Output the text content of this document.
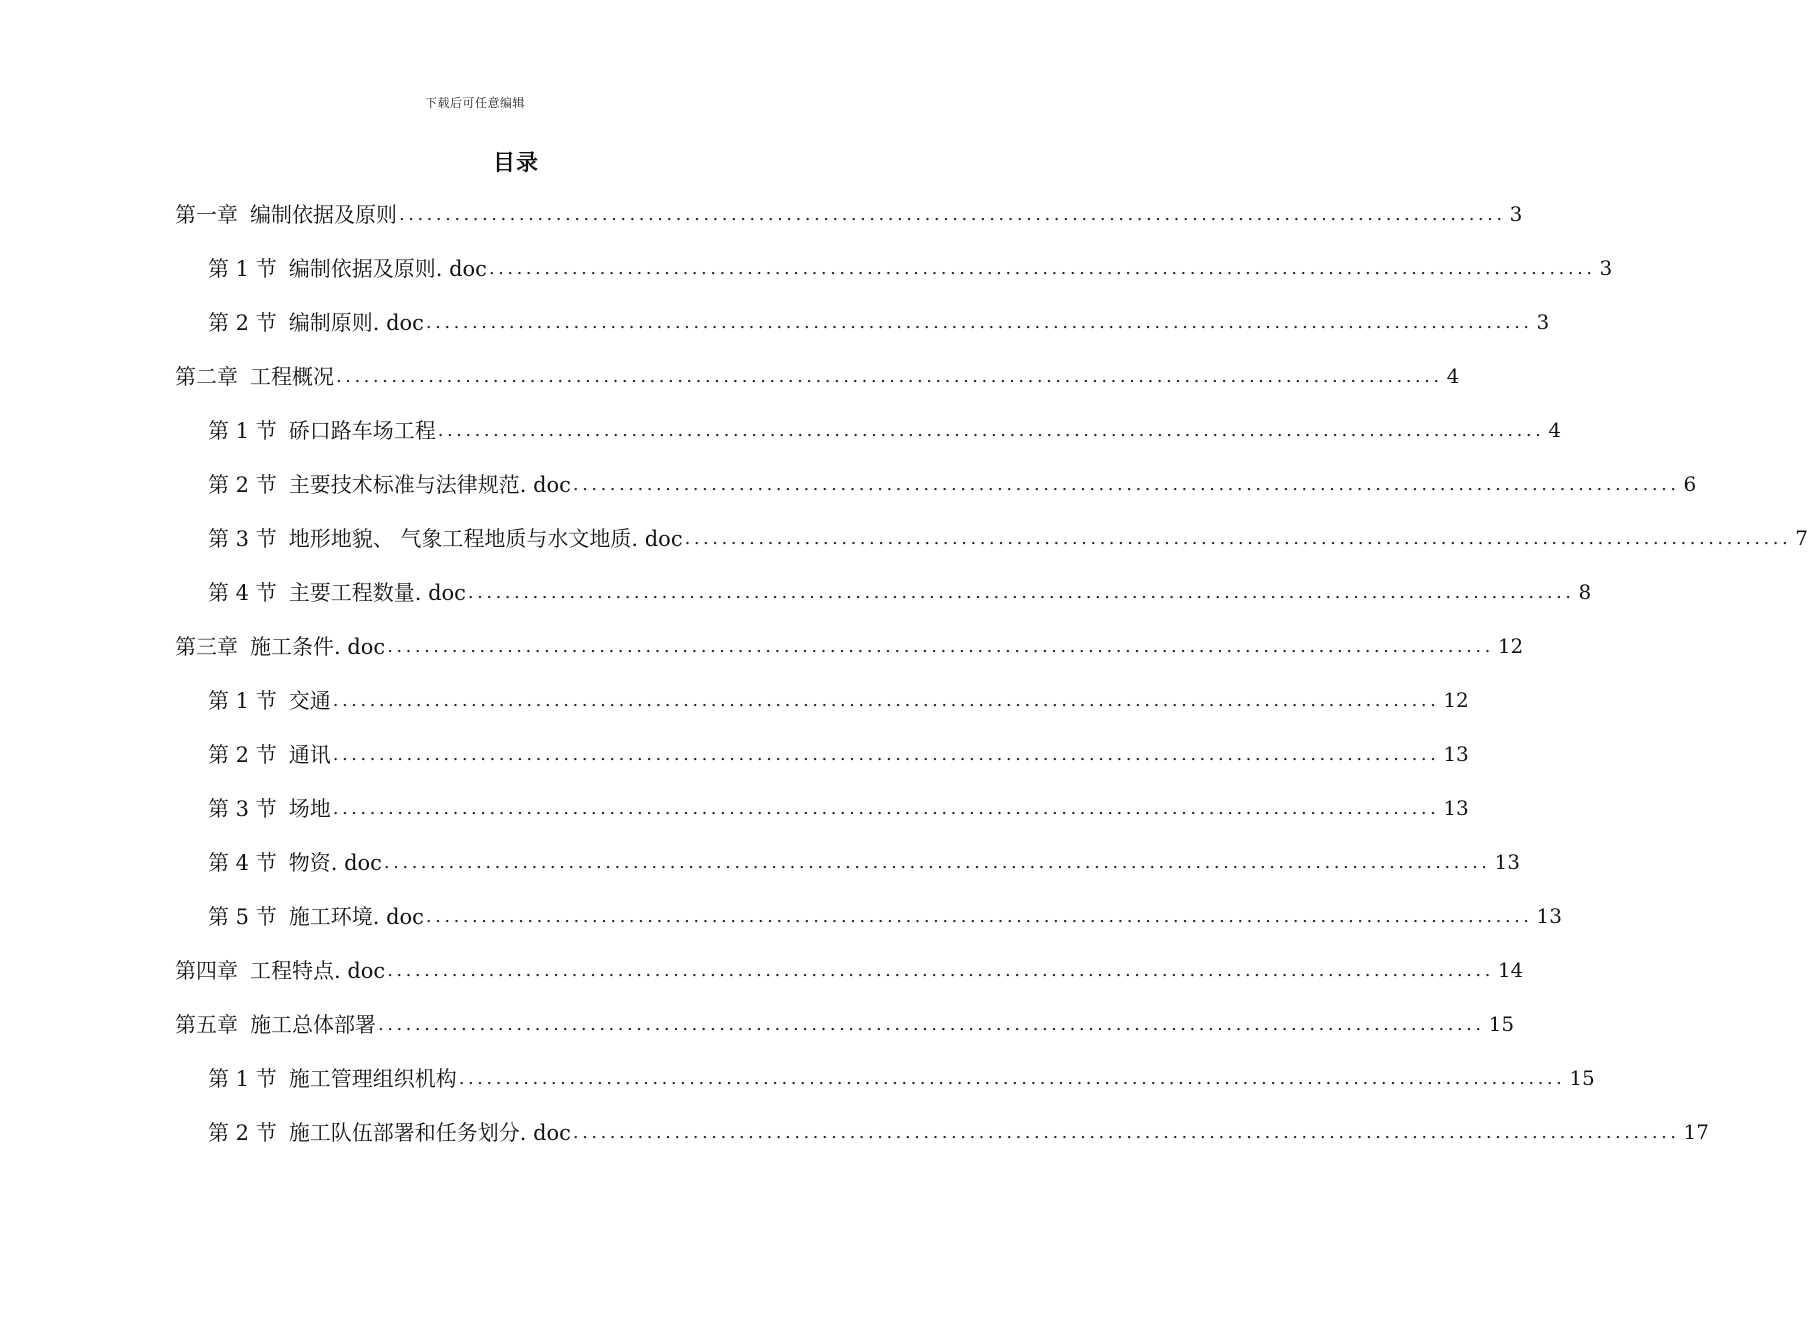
下载后可任意编辑
目录
第一章 编制依据及原则 ........................................................................................................................ 3
第 1 节 编制依据及原则. doc ........................................................................................................................ 3
第 2 节 编制原则. doc ........................................................................................................................ 3
第二章 工程概况 ........................................................................................................................ 4
第 1 节 硚口路车场工程 ........................................................................................................................ 4
第 2 节 主要技术标准与法律规范. doc ........................................................................................................................ 6
第 3 节 地形地貌、 气象工程地质与水文地质. doc ........................................................................................................................ 7
第 4 节 主要工程数量. doc ........................................................................................................................ 8
第三章 施工条件. doc ........................................................................................................................ 12
第 1 节 交通 ........................................................................................................................ 12
第 2 节 通讯 ........................................................................................................................ 13
第 3 节 场地 ........................................................................................................................ 13
第 4 节 物资. doc ........................................................................................................................ 13
第 5 节 施工环境. doc ........................................................................................................................ 13
第四章 工程特点. doc ........................................................................................................................ 14
第五章 施工总体部署 ........................................................................................................................ 15
第 1 节 施工管理组织机构 ........................................................................................................................ 15
第 2 节 施工队伍部署和任务划分. doc ........................................................................................................................ 17
